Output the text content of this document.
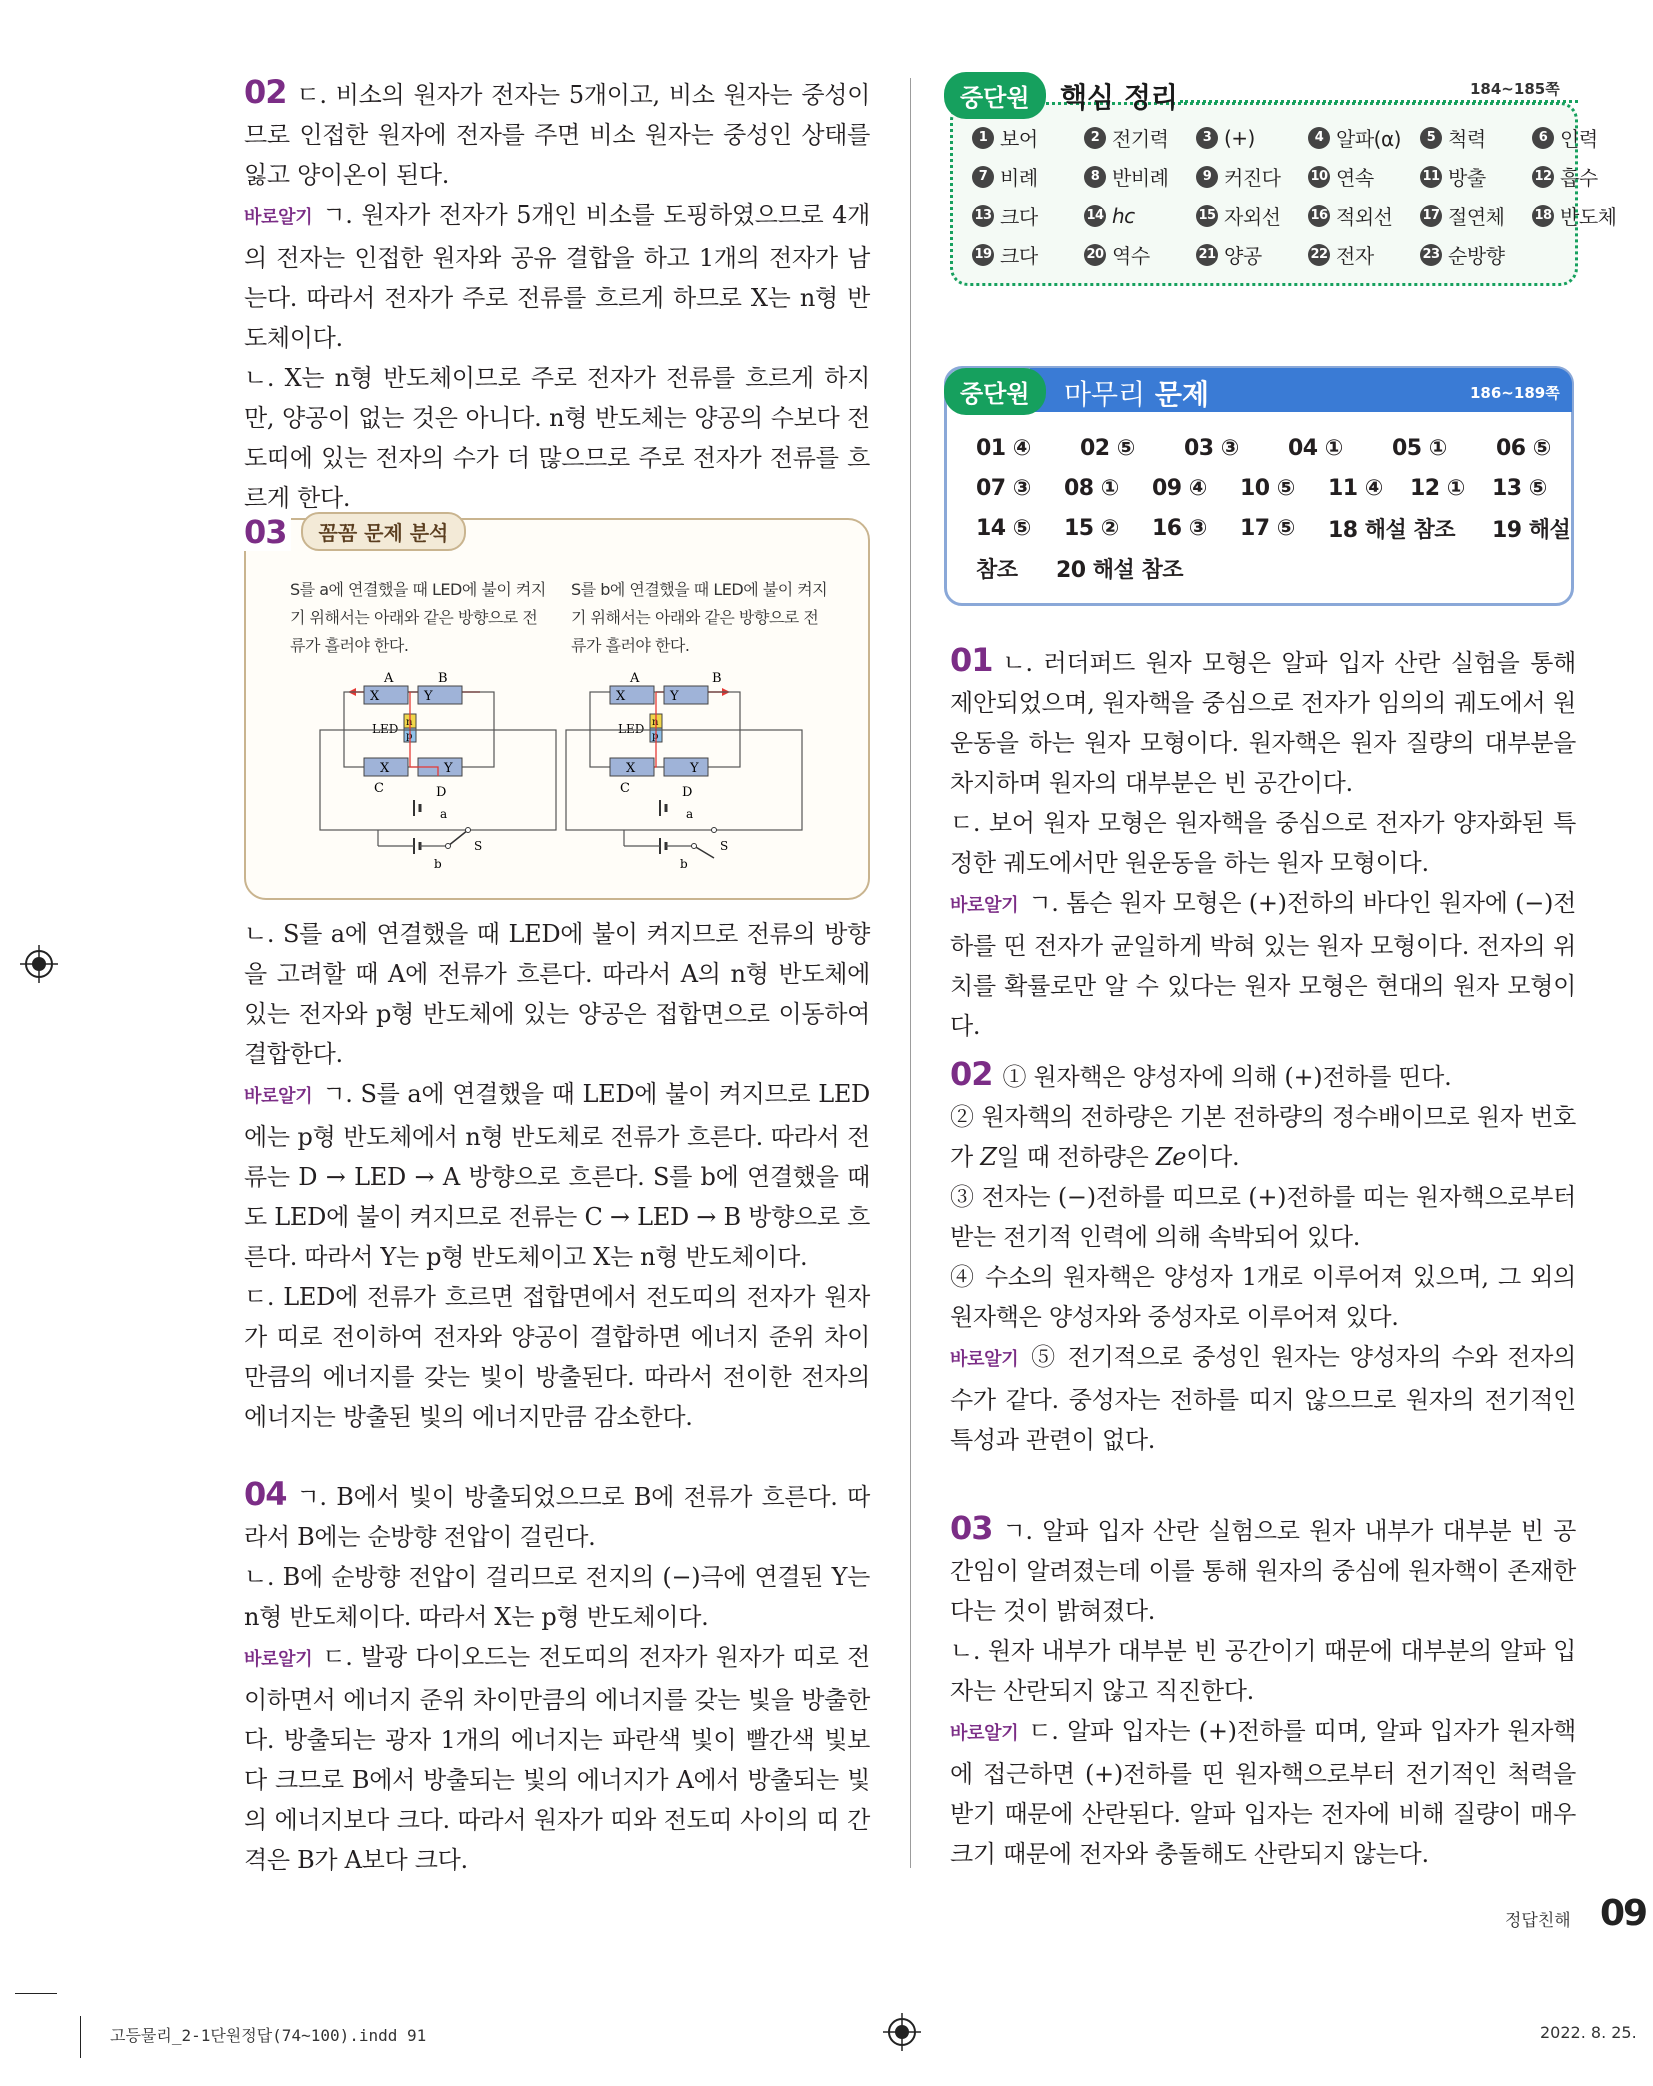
02 ㄷ. 비소의 원자가 전자는 5개이고, 비소 원자는 중성이므로 인접한 원자에 전자를 주면 비소 원자는 중성인 상태를 잃고 양이온이 된다.

바로알기 ㄱ. 원자가 전자가 5개인 비소를 도핑하였으므로 4개의 전자는 인접한 원자와 공유 결합을 하고 1개의 전자가 남는다. 따라서 전자가 주로 전류를 흐르게 하므로 X는 n형 반도체이다.

ㄴ. X는 n형 반도체이므로 주로 전자가 전류를 흐르게 하지만, 양공이 없는 것은 아니다. n형 반도체는 양공의 수보다 전도띠에 있는 전자의 수가 더 많으므로 주로 전자가 전류를 흐르게 한다.

03	꼼꼼 문제 분석
S를 a에 연결했을 때 LED에 불이 켜지기 위해서는 아래와 같은 방향으로 전류가 흘러야 한다.
S를 b에 연결했을 때 LED에 불이 켜지기 위해서는 아래와 같은 방향으로 전류가 흘러야 한다.
A	B
X	Y
n
p
LED
X	Y
C	D
a
b
S
A	B
X	Y
n
p
LED
X	Y
C	D
a
b
S

ㄴ. S를 a에 연결했을 때 LED에 불이 켜지므로 전류의 방향을 고려할 때 A에 전류가 흐른다. 따라서 A의 n형 반도체에 있는 전자와 p형 반도체에 있는 양공은 접합면으로 이동하여 결합한다.

바로알기 ㄱ. S를 a에 연결했을 때 LED에 불이 켜지므로 LED에는 p형 반도체에서 n형 반도체로 전류가 흐른다. 따라서 전류는 D → LED → A 방향으로 흐른다. S를 b에 연결했을 때도 LED에 불이 켜지므로 전류는 C → LED → B 방향으로 흐른다. 따라서 Y는 p형 반도체이고 X는 n형 반도체이다.

ㄷ. LED에 전류가 흐르면 접합면에서 전도띠의 전자가 원자가 띠로 전이하여 전자와 양공이 결합하면 에너지 준위 차이만큼의 에너지를 갖는 빛이 방출된다. 따라서 전이한 전자의 에너지는 방출된 빛의 에너지만큼 감소한다.

04 ㄱ. B에서 빛이 방출되었으므로 B에 전류가 흐른다. 따라서 B에는 순방향 전압이 걸린다.

ㄴ. B에 순방향 전압이 걸리므로 전지의 (−)극에 연결된 Y는 n형 반도체이다. 따라서 X는 p형 반도체이다.

바로알기 ㄷ. 발광 다이오드는 전도띠의 전자가 원자가 띠로 전이하면서 에너지 준위 차이만큼의 에너지를 갖는 빛을 방출한다. 방출되는 광자 1개의 에너지는 파란색 빛이 빨간색 빛보다 크므로 B에서 방출되는 빛의 에너지가 A에서 방출되는 빛의 에너지보다 크다. 따라서 원자가 띠와 전도띠 사이의 띠 간격은 B가 A보다 크다.

중단원	핵심 정리	184~185쪽
1 보어	2 전기력	3 (+)	4 알파(α)	5 척력	6 인력
7 비례	8 반비례	9 커진다 10 연속	11 방출	12 흡수
13 크다	14 hc	15 자외선 16 적외선 17 절연체 18 반도체
19 크다	20 역수	21 양공	22 전자	23 순방향
중단원	마무리 문제	186~189쪽
01 ④	02 ⑤	03 ③	04 ①	05 ①	06 ⑤
07 ③	08 ①	09 ④	10 ⑤	11 ④	12 ①	13 ⑤
14 ⑤	15 ②	16 ③	17 ⑤	18 해설 참조	19 해설
참조	20 해설 참조

01 ㄴ. 러더퍼드 원자 모형은 알파 입자 산란 실험을 통해 제안되었으며, 원자핵을 중심으로 전자가 임의의 궤도에서 원운동을 하는 원자 모형이다. 원자핵은 원자 질량의 대부분을 차지하며 원자의 대부분은 빈 공간이다.

ㄷ. 보어 원자 모형은 원자핵을 중심으로 전자가 양자화된 특정한 궤도에서만 원운동을 하는 원자 모형이다.

바로알기 ㄱ. 톰슨 원자 모형은 (+)전하의 바다인 원자에 (−)전하를 띤 전자가 균일하게 박혀 있는 원자 모형이다. 전자의 위치를 확률로만 알 수 있다는 원자 모형은 현대의 원자 모형이다.

02 ① 원자핵은 양성자에 의해 (+)전하를 띤다.

② 원자핵의 전하량은 기본 전하량의 정수배이므로 원자 번호가 Z일 때 전하량은 Ze이다.

③ 전자는 (−)전하를 띠므로 (+)전하를 띠는 원자핵으로부터 받는 전기적 인력에 의해 속박되어 있다.

④ 수소의 원자핵은 양성자 1개로 이루어져 있으며, 그 외의 원자핵은 양성자와 중성자로 이루어져 있다.

바로알기 ⑤ 전기적으로 중성인 원자는 양성자의 수와 전자의 수가 같다. 중성자는 전하를 띠지 않으므로 원자의 전기적인 특성과 관련이 없다.

03 ㄱ. 알파 입자 산란 실험으로 원자 내부가 대부분 빈 공간임이 알려졌는데 이를 통해 원자의 중심에 원자핵이 존재한다는 것이 밝혀졌다.

ㄴ. 원자 내부가 대부분 빈 공간이기 때문에 대부분의 알파 입자는 산란되지 않고 직진한다.

바로알기 ㄷ. 알파 입자는 (+)전하를 띠며, 알파 입자가 원자핵에 접근하면 (+)전하를 띤 원자핵으로부터 전기적인 척력을 받기 때문에 산란된다. 알파 입자는 전자에 비해 질량이 매우 크기 때문에 전자와 충돌해도 산란되지 않는다.

정답친해 09
고등물리_2-1단원정답(74~100).indd 91	2022. 8. 25.
